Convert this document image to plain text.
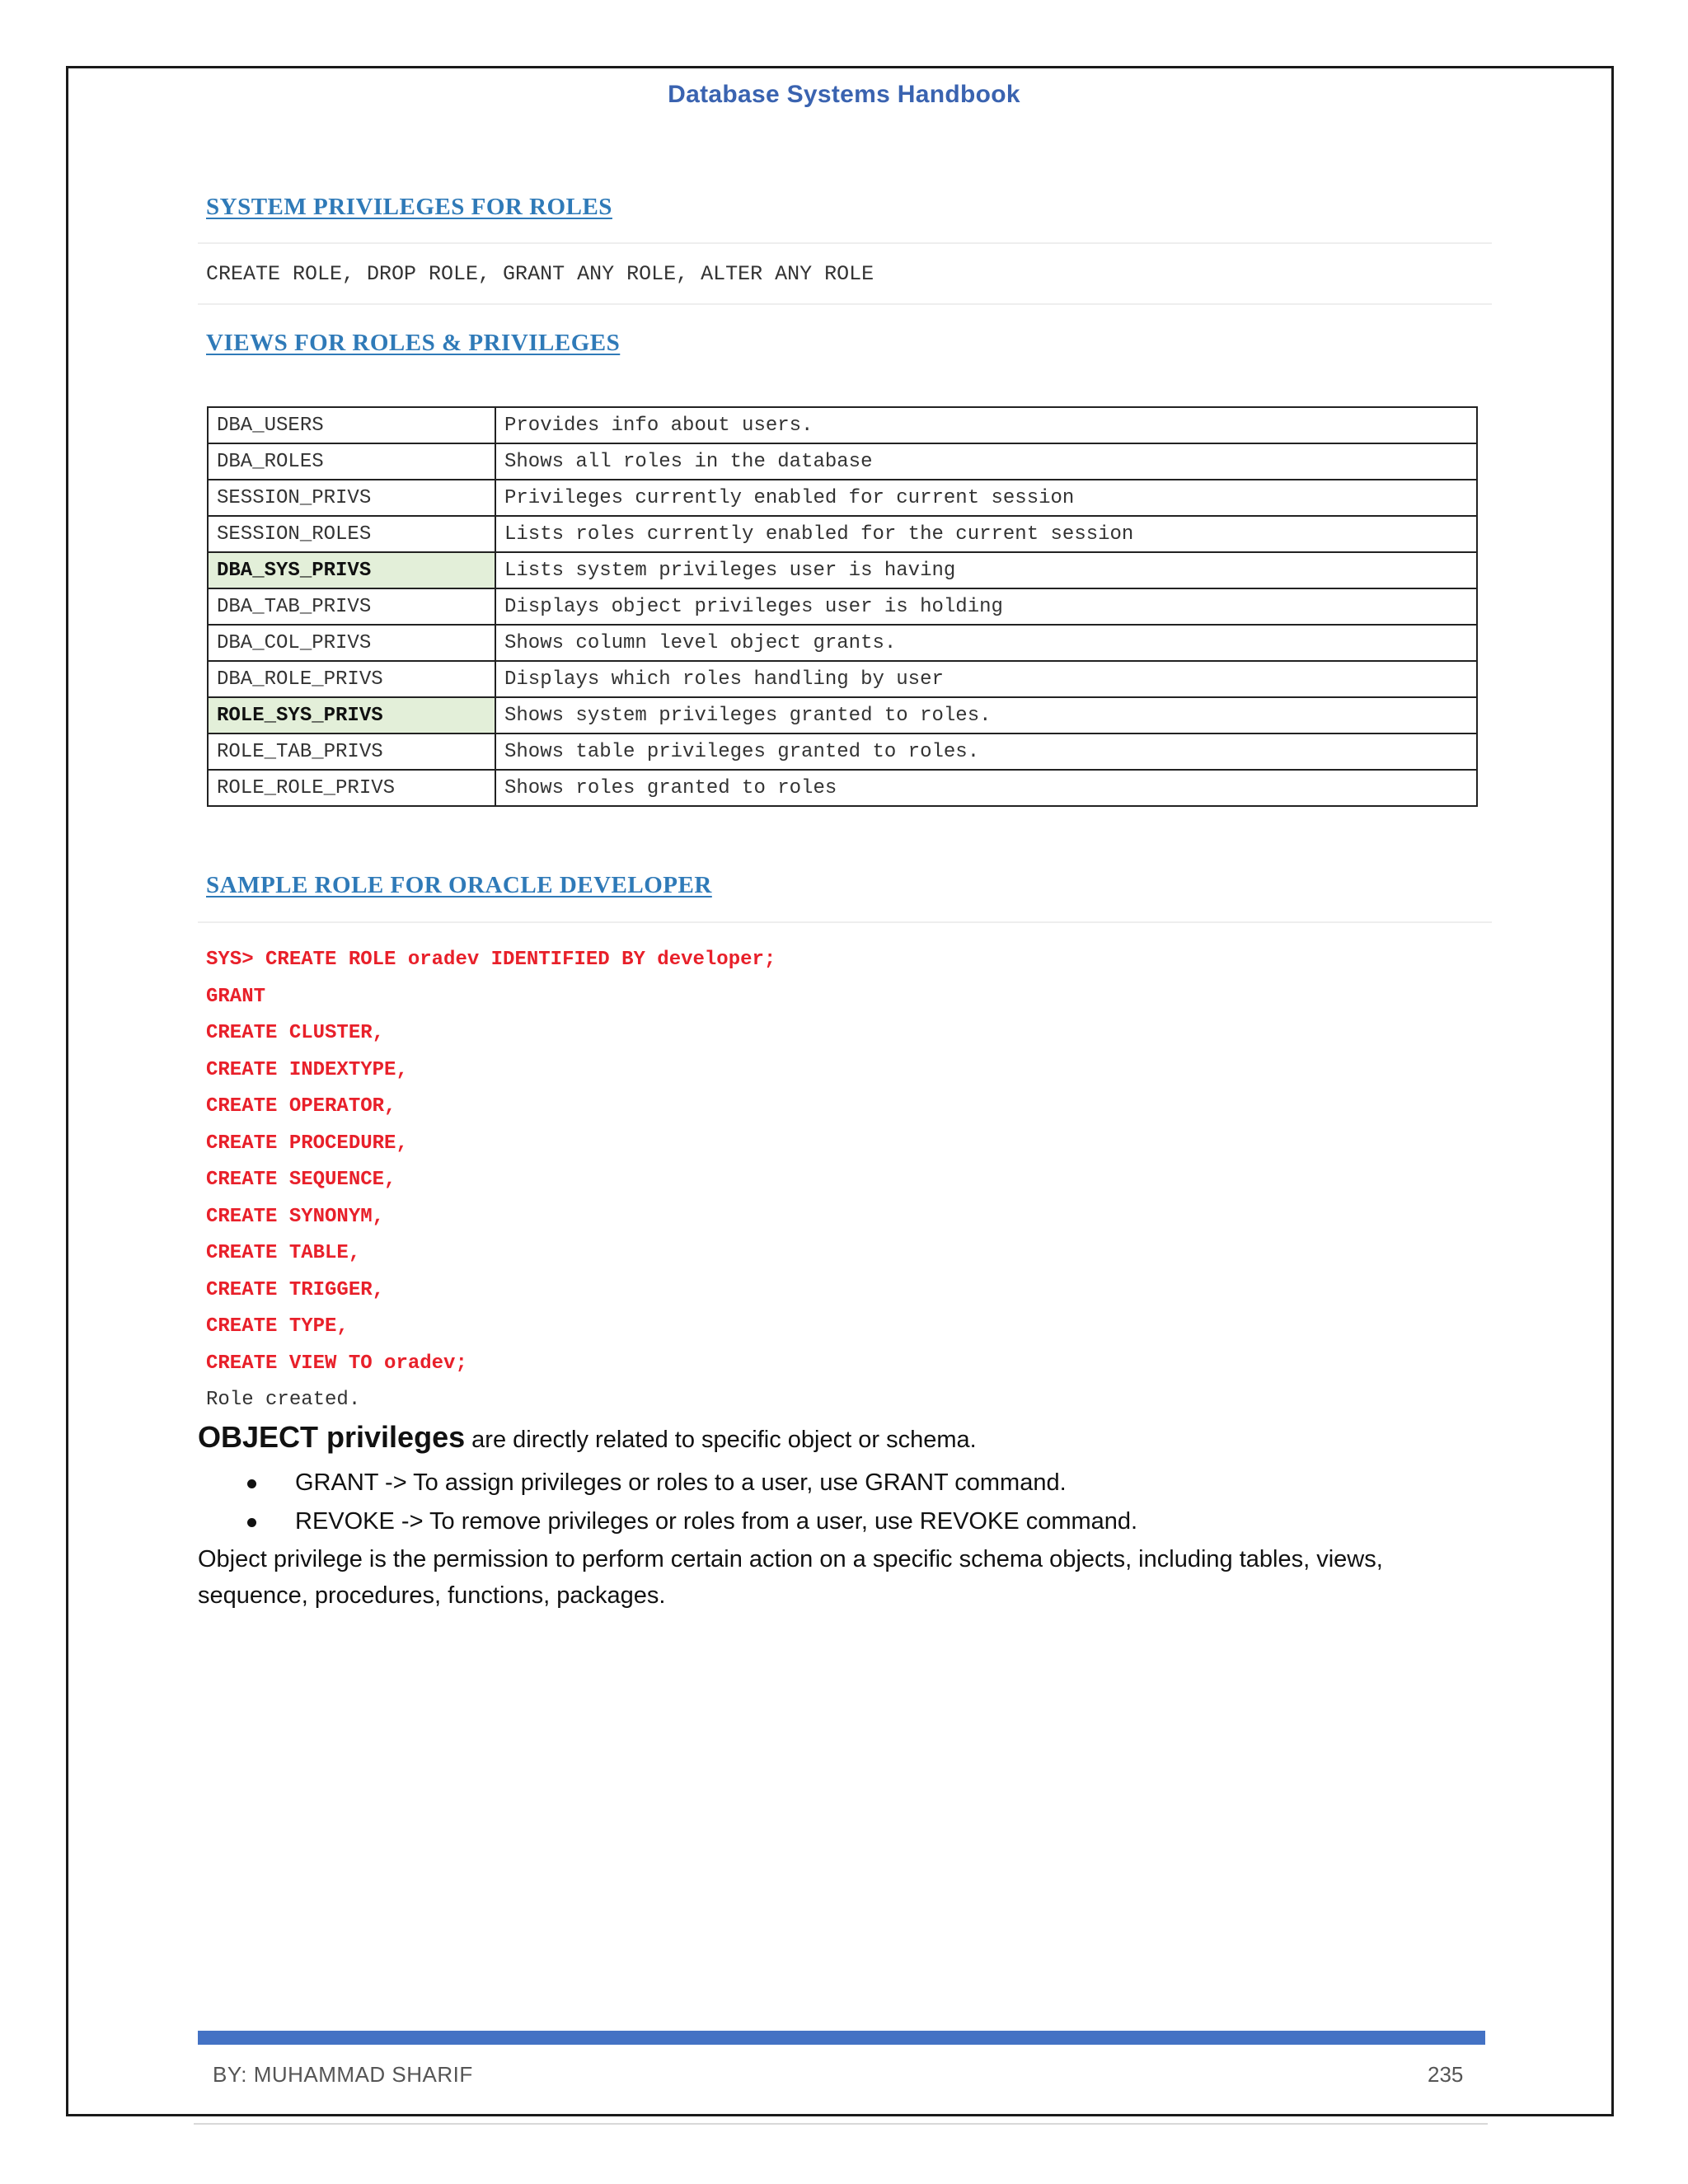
Database Systems Handbook
SYSTEM PRIVILEGES FOR ROLES
CREATE ROLE, DROP ROLE, GRANT ANY ROLE, ALTER ANY ROLE
VIEWS FOR ROLES & PRIVILEGES
DBA_USERS	Provides info about users.
DBA_ROLES	Shows all roles in the database
SESSION_PRIVS	Privileges currently enabled for current session
SESSION_ROLES	Lists roles currently enabled for the current session
DBA_SYS_PRIVS	Lists system privileges user is having
DBA_TAB_PRIVS	Displays object privileges user is holding
DBA_COL_PRIVS	Shows column level object grants.
DBA_ROLE_PRIVS	Displays which roles handling by user
ROLE_SYS_PRIVS	Shows system privileges granted to roles.
ROLE_TAB_PRIVS	Shows table privileges granted to roles.
ROLE_ROLE_PRIVS	Shows roles granted to roles
SAMPLE ROLE FOR ORACLE DEVELOPER
SYS> CREATE ROLE oradev IDENTIFIED BY developer;
GRANT
CREATE CLUSTER,
CREATE INDEXTYPE,
CREATE OPERATOR,
CREATE PROCEDURE,
CREATE SEQUENCE,
CREATE SYNONYM,
CREATE TABLE,
CREATE TRIGGER,
CREATE TYPE,
CREATE VIEW TO oradev;
Role created.
OBJECT privileges are directly related to specific object or schema.
GRANT -> To assign privileges or roles to a user, use GRANT command.
REVOKE -> To remove privileges or roles from a user, use REVOKE command.
Object privilege is the permission to perform certain action on a specific schema objects, including tables, views,
sequence, procedures, functions, packages.
BY: MUHAMMAD SHARIF	235
